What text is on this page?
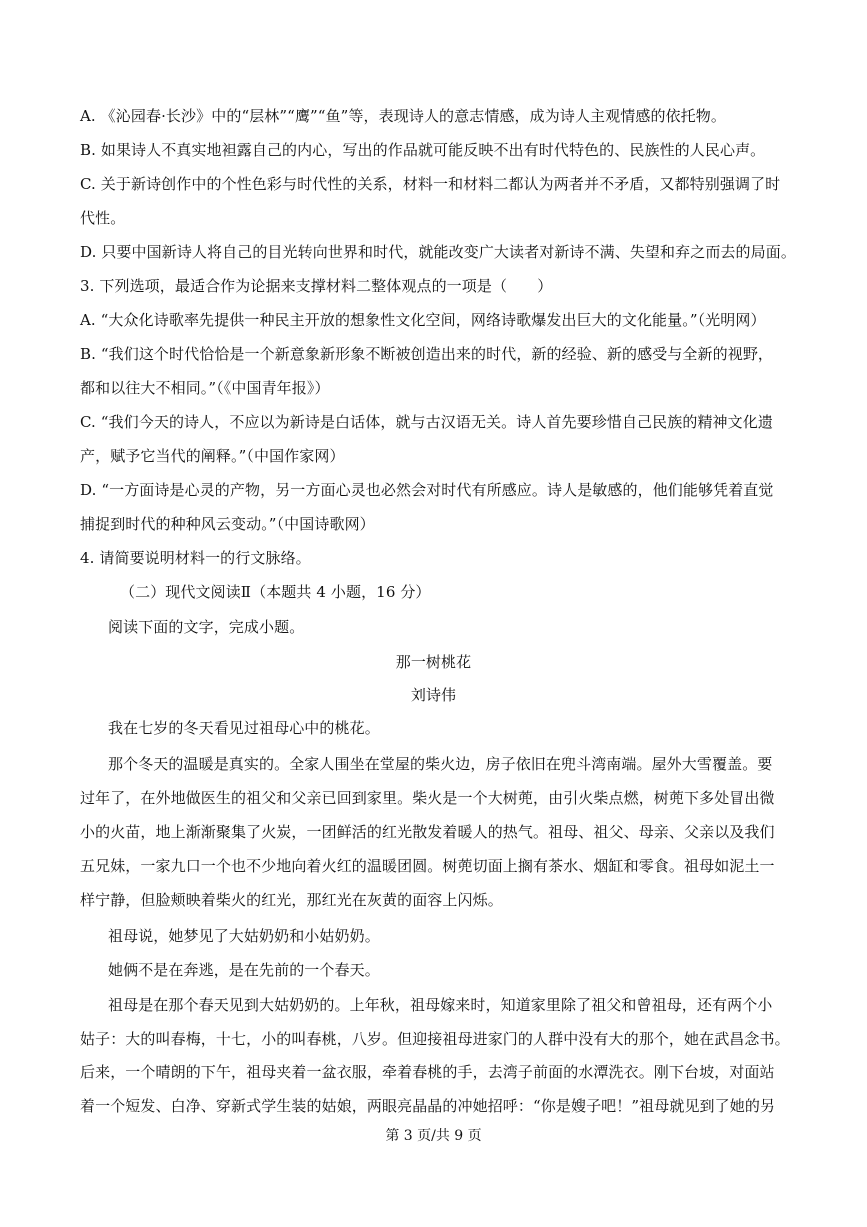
A. 《沁园春·长沙》中的“层林”“鹰”“鱼”等，表现诗人的意志情感，成为诗人主观情感的依托物。
B. 如果诗人不真实地袒露自己的内心，写出的作品就可能反映不出有时代特色的、民族性的人民心声。
C. 关于新诗创作中的个性色彩与时代性的关系，材料一和材料二都认为两者并不矛盾，又都特别强调了时
代性。
D. 只要中国新诗人将自己的目光转向世界和时代，就能改变广大读者对新诗不满、失望和弃之而去的局面。
3. 下列选项，最适合作为论据来支撑材料二整体观点的一项是（　　）
A. “大众化诗歌率先提供一种民主开放的想象性文化空间，网络诗歌爆发出巨大的文化能量。”（光明网）
B. “我们这个时代恰恰是一个新意象新形象不断被创造出来的时代，新的经验、新的感受与全新的视野，
都和以往大不相同。”（《中国青年报》）
C. “我们今天的诗人，不应以为新诗是白话体，就与古汉语无关。诗人首先要珍惜自己民族的精神文化遗
产，赋予它当代的阐释。”（中国作家网）
D. “一方面诗是心灵的产物，另一方面心灵也必然会对时代有所感应。诗人是敏感的，他们能够凭着直觉
捕捉到时代的种种风云变动。”（中国诗歌网）
4. 请简要说明材料一的行文脉络。
（二）现代文阅读Ⅱ（本题共 4 小题，16 分）
阅读下面的文字，完成小题。
那一树桃花
刘诗伟
我在七岁的冬天看见过祖母心中的桃花。
那个冬天的温暖是真实的。全家人围坐在堂屋的柴火边，房子依旧在兜斗湾南端。屋外大雪覆盖。要
过年了，在外地做医生的祖父和父亲已回到家里。柴火是一个大树蔸，由引火柴点燃，树蔸下多处冒出微
小的火苗，地上渐渐聚集了火炭，一团鲜活的红光散发着暖人的热气。祖母、祖父、母亲、父亲以及我们
五兄妹，一家九口一个也不少地向着火红的温暖团圆。树蔸切面上搁有茶水、烟缸和零食。祖母如泥土一
样宁静，但脸颊映着柴火的红光，那红光在灰黄的面容上闪烁。
祖母说，她梦见了大姑奶奶和小姑奶奶。
她俩不是在奔逃，是在先前的一个春天。
祖母是在那个春天见到大姑奶奶的。上年秋，祖母嫁来时，知道家里除了祖父和曾祖母，还有两个小
姑子：大的叫春梅，十七，小的叫春桃，八岁。但迎接祖母进家门的人群中没有大的那个，她在武昌念书。
后来，一个晴朗的下午，祖母夹着一盆衣服，牵着春桃的手，去湾子前面的水潭洗衣。刚下台坡，对面站
着一个短发、白净、穿新式学生装的姑娘，两眼亮晶晶的冲她招呼：“你是嫂子吧！”祖母就见到了她的另
第 3 页/共 9 页
